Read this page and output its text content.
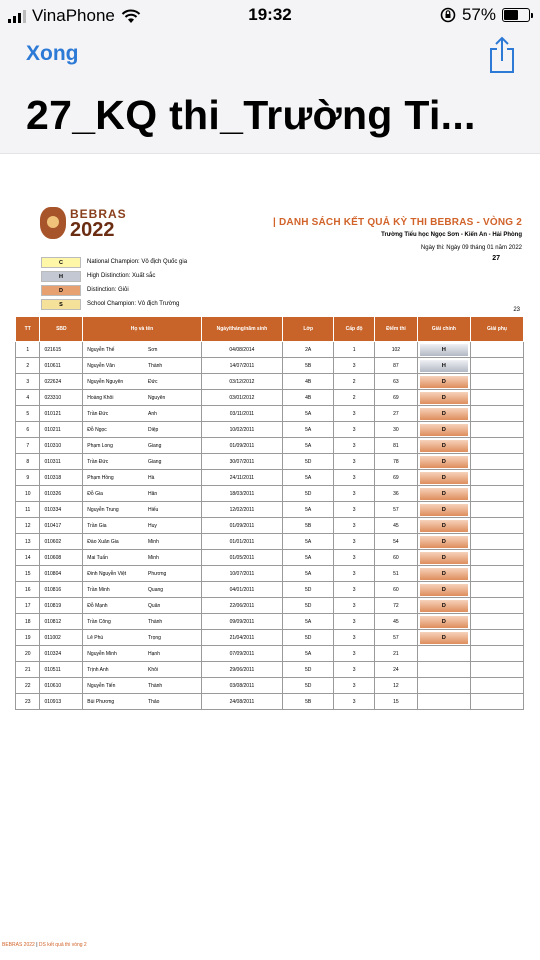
VinaPhone	19:32	57%
Xong
27_KQ thi_Trường Ti...
BEBRAS
2022	| DANH SÁCH KẾT QUẢ KỲ THI BEBRAS - VÒNG 2
Trường Tiểu học Ngọc Sơn - Kiến An - Hải Phòng
Ngày thi: Ngày 09 tháng 01 năm 2022
27
C	National Champion: Vô địch Quốc gia
H	High Distinction: Xuất sắc
D	Distinction: Giỏi
S	School Champion: Vô địch Trường
23
TT	SBD	Họ và tên		Ngày/tháng/năm sinh	Lớp	Cấp độ	Điểm thi	Giải chính	Giải phụ
1	021615	Nguyễn Thế	Sơn	04/08/2014	2A	1	102	H	

2	010611	Nguyễn Văn	Thành	14/07/2011	5B	3	87	H	

3	022624	Nguyễn Nguyên	Đức	03/12/2012	4B	2	63	D	

4	023310	Hoàng Khôi	Nguyên	03/01/2012	4B	2	69	D	

5	010121	Trần Đức	Anh	03/11/2011	5A	3	27	D	

6	010211	Đỗ Ngọc	Diệp	10/02/2011	5A	3	30	D	

7	010310	Phạm Long	Giang	01/09/2011	5A	3	81	D	

8	010311	Trần Đức	Giang	30/07/2011	5D	3	78	D	

9	010318	Phạm Hồng	Hà	24/11/2011	5A	3	69	D	

10	010326	Đỗ Gia	Hân	18/03/2011	5D	3	36	D	

11	010334	Nguyễn Trung	Hiếu	12/02/2011	5A	3	57	D	

12	010417	Trần Gia	Huy	01/09/2011	5B	3	45	D	

13	010602	Đào Xuân Gia	Minh	01/01/2011	5A	3	54	D	

14	010608	Mai Tuấn	Minh	01/05/2011	5A	3	60	D	

15	010804	Đinh Nguyễn Việt	Phương	10/07/2011	5A	3	51	D	

16	010816	Trần Minh	Quang	04/01/2011	5D	3	60	D	

17	010819	Đỗ Mạnh	Quân	22/06/2011	5D	3	72	D	

18	010812	Trần Công	Thành	09/09/2011	5A	3	45	D	

19	011002	Lê Phú	Trọng	21/04/2011	5D	3	57	D	

20	010324	Nguyễn Minh	Hạnh	07/09/2011	5A	3	21		
21	010511	Trịnh Anh	Khôi	29/06/2011	5D	3	24		
22	010610	Nguyễn Tiến	Thành	03/08/2011	5D	3	12		
23	010913	Bùi Phương	Thảo	24/08/2011	5B	3	15		
BEBRAS 2022 | DS kết quả thi vòng 2
